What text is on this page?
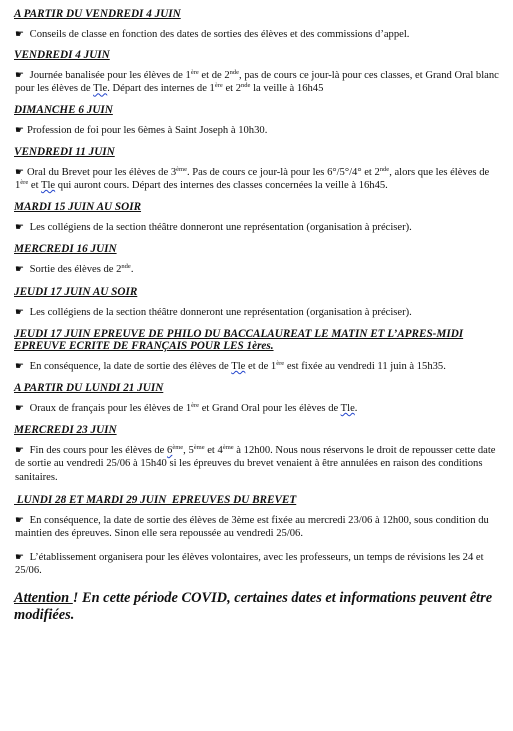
A PARTIR DU VENDREDI 4 JUIN
☛ Conseils de classe en fonction des dates de sorties des élèves et des commissions d’appel.
VENDREDI 4 JUIN
☛ Journée banalisée pour les élèves de 1ère et de 2nde, pas de cours ce jour-là pour ces classes, et Grand Oral blanc pour les élèves de Tle. Départ des internes de 1ère et 2nde la veille à 16h45
DIMANCHE 6 JUIN
☛ Profession de foi pour les 6èmes à Saint Joseph à 10h30.
VENDREDI 11 JUIN
☛ Oral du Brevet pour les élèves de 3ème. Pas de cours ce jour-là pour les 6°/5°/4° et 2nde, alors que les élèves de 1ère et Tle qui auront cours. Départ des internes des classes concernées la veille à 16h45.
MARDI 15 JUIN AU SOIR
☛ Les collégiens de la section théâtre donneront une représentation (organisation à préciser).
MERCREDI 16 JUIN
☛ Sortie des élèves de 2nde.
JEUDI 17 JUIN AU SOIR
☛ Les collégiens de la section théâtre donneront une représentation (organisation à préciser).
JEUDI 17 JUIN EPREUVE DE PHILO DU BACCALAUREAT LE MATIN ET L’APRES-MIDI EPREUVE ECRITE DE FRANÇAIS POUR LES 1ères.
☛ En conséquence, la date de sortie des élèves de Tle et de 1ère est fixée au vendredi 11 juin à 15h35.
A PARTIR DU LUNDI 21 JUIN
☛ Oraux de français pour les élèves de 1ère et Grand Oral pour les élèves de Tle.
MERCREDI 23 JUIN
☛ Fin des cours pour les élèves de 6ème, 5ème et 4ème à 12h00. Nous nous réservons le droit de repousser cette date de sortie au vendredi 25/06 à 15h40 si les épreuves du brevet venaient à être annulées en raison des conditions sanitaires.
LUNDI 28 ET MARDI 29 JUIN  EPREUVES DU BREVET
☛ En conséquence, la date de sortie des élèves de 3ème est fixée au mercredi 23/06 à 12h00, sous condition du maintien des épreuves. Sinon elle sera repoussée au vendredi 25/06.
☛ L’établissement organisera pour les élèves volontaires, avec les professeurs, un temps de révisions les 24 et 25/06.
Attention ! En cette période COVID, certaines dates et informations peuvent être modifiées.
